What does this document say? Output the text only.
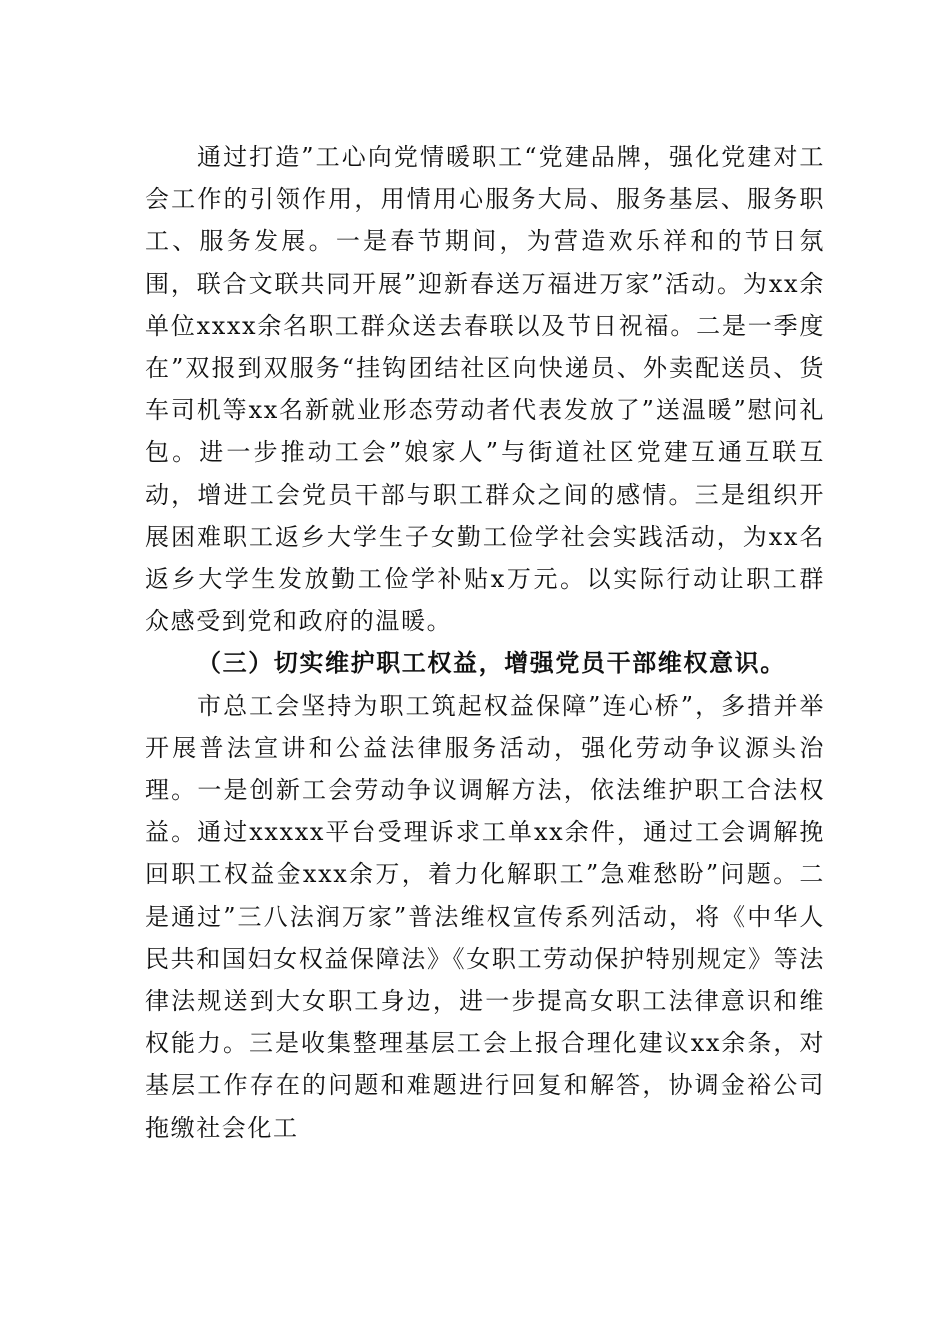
通过打造”工心向党情暖职工“党建品牌，强化党建对工会工作的引领作用，用情用心服务大局、服务基层、服务职工、服务发展。一是春节期间，为营造欢乐祥和的节日氛围，联合文联共同开展”迎新春送万福进万家”活动。为xx余单位xxxx余名职工群众送去春联以及节日祝福。二是一季度在”双报到双服务“挂钩团结社区向快递员、外卖配送员、货车司机等xx名新就业形态劳动者代表发放了”送温暖”慰问礼包。进一步推动工会”娘家人”与街道社区党建互通互联互动，增进工会党员干部与职工群众之间的感情。三是组织开展困难职工返乡大学生子女勤工俭学社会实践活动，为xx名返乡大学生发放勤工俭学补贴x万元。以实际行动让职工群众感受到党和政府的温暖。

（三）切实维护职工权益，增强党员干部维权意识。

市总工会坚持为职工筑起权益保障”连心桥”，多措并举开展普法宣讲和公益法律服务活动，强化劳动争议源头治理。一是创新工会劳动争议调解方法，依法维护职工合法权益。通过xxxxx平台受理诉求工单xx余件，通过工会调解挽回职工权益金xxx余万，着力化解职工”急难愁盼”问题。二是通过”三八法润万家”普法维权宣传系列活动，将《中华人民共和国妇女权益保障法》《女职工劳动保护特别规定》等法律法规送到大女职工身边，进一步提高女职工法律意识和维权能力。三是收集整理基层工会上报合理化建议xx余条，对基层工作存在的问题和难题进行回复和解答，协调金裕公司拖缴社会化工
